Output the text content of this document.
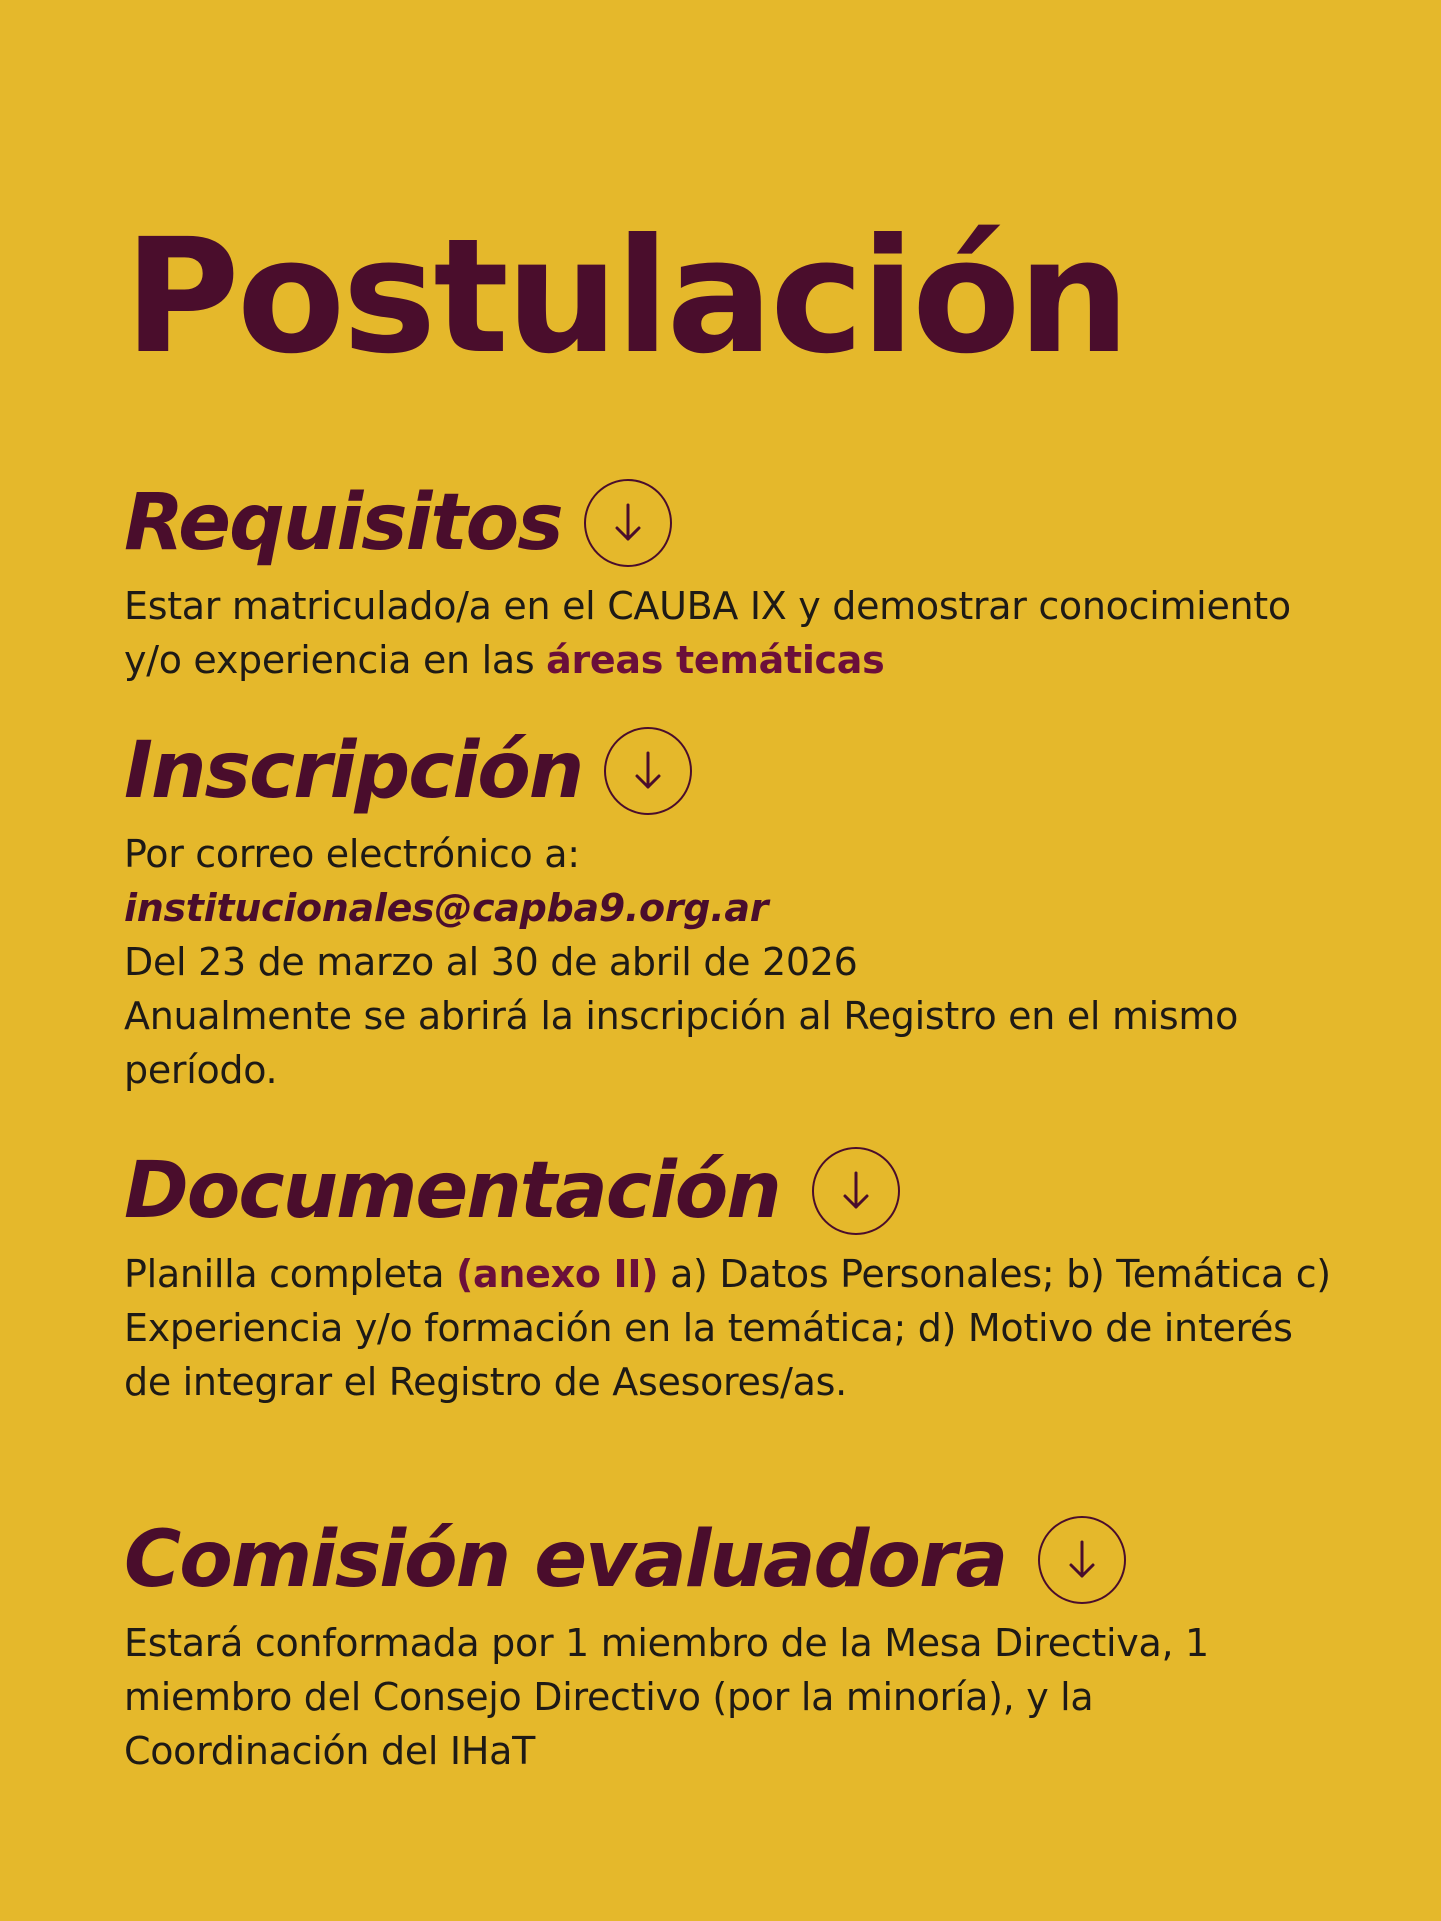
Postulación
Requisitos

Estar matriculado/a en el CAUBA IX y demostrar conocimiento y/o experiencia en las áreas temáticas

Inscripción

Por correo electrónico a:

institucionales@capba9.org.ar

Del 23 de marzo al 30 de abril de 2026

Anualmente se abrirá la inscripción al Registro en el mismo período.

Documentación

Planilla completa (anexo II) a) Datos Personales; b) Temática c) Experiencia y/o formación en la temática; d) Motivo de interés de integrar el Registro de Asesores/as.

Comisión evaluadora

Estará conformada por 1 miembro de la Mesa Directiva, 1 miembro del Consejo Directivo (por la minoría), y la Coordinación del IHaT
